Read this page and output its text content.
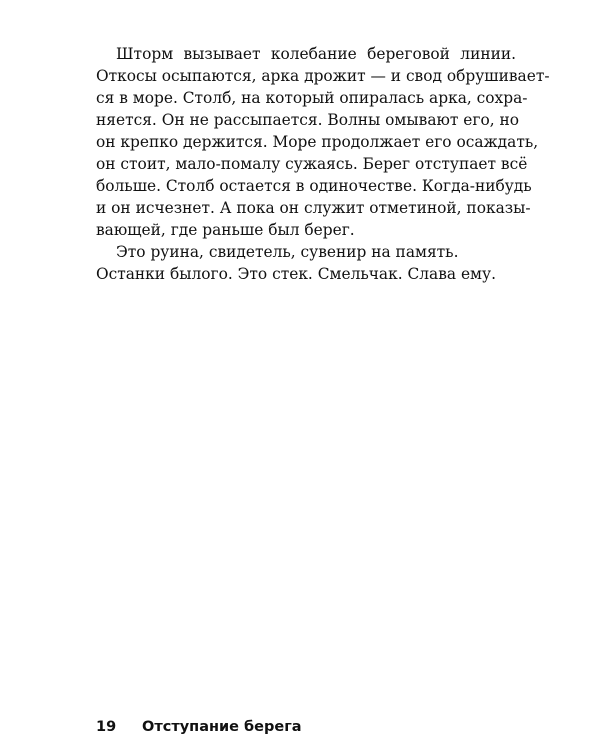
Шторм вызывает колебание береговой линии.
Откосы осыпаются, арка дрожит — и свод обрушивает-
ся в море. Столб, на который опиралась арка, сохра-
няется. Он не рассыпается. Волны омывают его, но
он крепко держится. Море продолжает его осаждать,
он стоит, мало-помалу сужаясь. Берег отступает всё
больше. Столб остается в одиночестве. Когда-нибудь
и он исчезнет. А пока он служит отметиной, показы-
вающей, где раньше был берег.
Это руина, свидетель, сувенир на память.
Останки былого. Это стек. Смельчак. Слава ему.
19 Отступание берега
